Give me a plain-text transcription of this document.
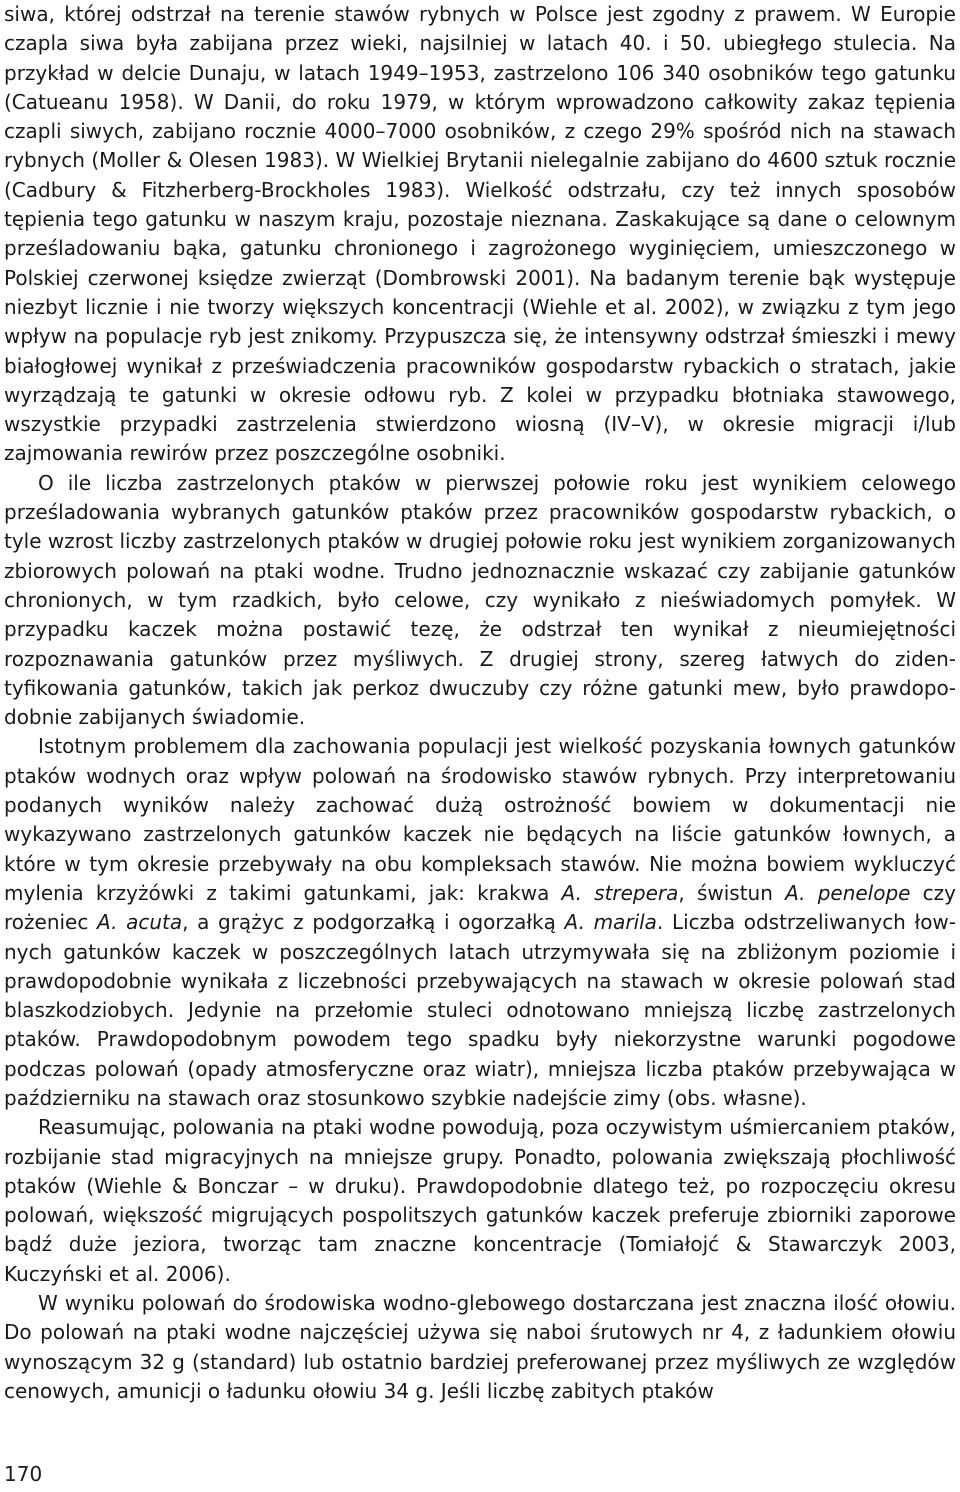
siwa, której odstrzał na terenie stawów rybnych w Polsce jest zgodny z prawem. W Europie czapla siwa była zabijana przez wieki, najsilniej w latach 40. i 50. ubiegłego stulecia. Na przykład w delcie Dunaju, w latach 1949–1953, zastrzelono 106 340 osobników tego gatunku (Catueanu 1958). W Danii, do roku 1979, w którym wprowadzono całkowity zakaz tępienia czapli siwych, zabijano rocznie 4000–7000 osobników, z czego 29% spośród nich na stawach rybnych (Moller & Olesen 1983). W Wielkiej Brytanii nielegalnie zabijano do 4600 sztuk rocznie (Cadbury & Fitzherberg-Brockholes 1983). Wielkość odstrzału, czy też innych sposobów tępienia tego gatunku w naszym kraju, pozostaje nieznana. Zaskakujące są dane o celownym prześladowaniu bąka, gatunku chronionego i zagrożonego wyginięciem, umieszczonego w Polskiej czerwonej księdze zwierząt (Dombrowski 2001). Na badanym terenie bąk występuje niezbyt licznie i nie tworzy większych koncentracji (Wiehle et al. 2002), w związku z tym jego wpływ na populacje ryb jest znikomy. Przypuszcza się, że intensywny odstrzał śmieszki i mewy białogłowej wynikał z przeświadczenia pracowników gospodarstw rybackich o stratach, jakie wyrządzają te gatunki w okresie odłowu ryb. Z kolei w przypadku błotniaka stawowego, wszystkie przypadki zastrzelenia stwierdzono wiosną (IV–V), w okresie migracji i/lub zajmowania rewirów przez poszczególne osobniki.

O ile liczba zastrzelonych ptaków w pierwszej połowie roku jest wynikiem celowego prześladowania wybranych gatunków ptaków przez pracowników gospodarstw rybackich, o tyle wzrost liczby zastrzelonych ptaków w drugiej połowie roku jest wynikiem zorganizowanych zbiorowych polowań na ptaki wodne. Trudno jednoznacznie wskazać czy zabijanie gatunków chronionych, w tym rzadkich, było celowe, czy wynikało z nieświadomych pomyłek. W przypadku kaczek można postawić tezę, że odstrzał ten wynikał z nieumiejętności rozpoznawania gatunków przez myśliwych. Z drugiej strony, szereg łatwych do zidentyfikowania gatunków, takich jak perkoz dwuczuby czy różne gatunki mew, było prawdopodobnie zabijanych świadomie.

Istotnym problemem dla zachowania populacji jest wielkość pozyskania łownych gatunków ptaków wodnych oraz wpływ polowań na środowisko stawów rybnych. Przy interpretowaniu podanych wyników należy zachować dużą ostrożność bowiem w dokumentacji nie wykazywano zastrzelonych gatunków kaczek nie będących na liście gatunków łownych, a które w tym okresie przebywały na obu kompleksach stawów. Nie można bowiem wykluczyć mylenia krzyżówki z takimi gatunkami, jak: krakwa A. strepera, świstun A. penelope czy rożeniec A. acuta, a grążyc z podgorzałką i ogorzałką A. marila. Liczba odstrzeliwanych łownych gatunków kaczek w poszczególnych latach utrzymywała się na zbliżonym poziomie i prawdopodobnie wynikała z liczebności przebywających na stawach w okresie polowań stad blaszkodziobych. Jedynie na przełomie stuleci odnotowano mniejszą liczbę zastrzelonych ptaków. Prawdopodobnym powodem tego spadku były niekorzystne warunki pogodowe podczas polowań (opady atmosferyczne oraz wiatr), mniejsza liczba ptaków przebywająca w październiku na stawach oraz stosunkowo szybkie nadejście zimy (obs. własne).

Reasumując, polowania na ptaki wodne powodują, poza oczywistym uśmiercaniem ptaków, rozbijanie stad migracyjnych na mniejsze grupy. Ponadto, polowania zwiększają płochliwość ptaków (Wiehle & Bonczar – w druku). Prawdopodobnie dlatego też, po rozpoczęciu okresu polowań, większość migrujących pospolitszych gatunków kaczek preferuje zbiorniki zaporowe bądź duże jeziora, tworząc tam znaczne koncentracje (Tomiałojć & Stawarczyk 2003, Kuczyński et al. 2006).

W wyniku polowań do środowiska wodno-glebowego dostarczana jest znaczna ilość ołowiu. Do polowań na ptaki wodne najczęściej używa się naboi śrutowych nr 4, z ładunkiem ołowiu wynoszącym 32 g (standard) lub ostatnio bardziej preferowanej przez myśliwych ze względów cenowych, amunicji o ładunku ołowiu 34 g. Jeśli liczbę zabitych ptaków

170
